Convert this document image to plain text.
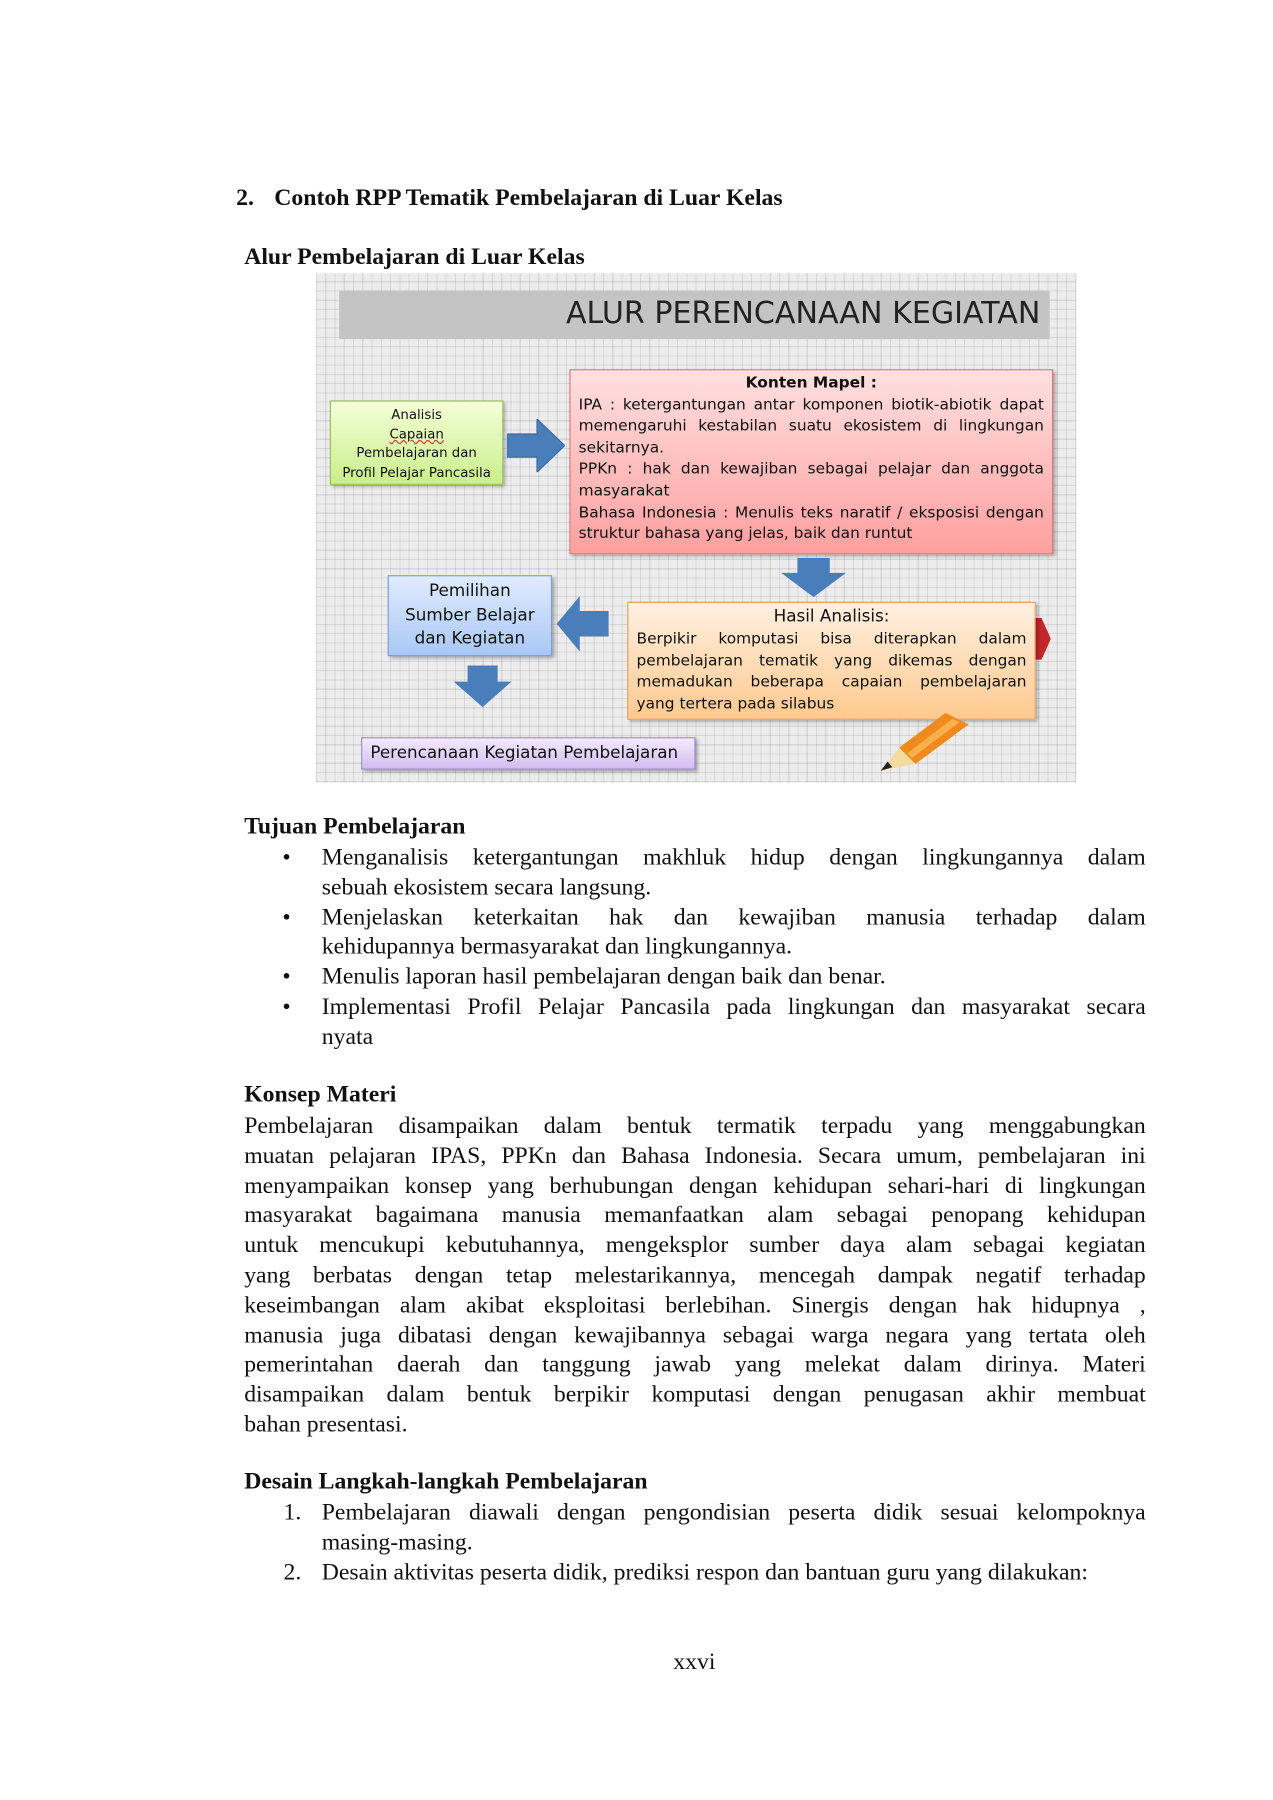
2. Contoh RPP Tematik Pembelajaran di Luar Kelas
Alur Pembelajaran di Luar Kelas
ALUR PERENCANAAN KEGIATAN
Analisis
Capaian
Pembelajaran dan
Profil Pelajar Pancasila
Konten Mapel :
IPA : ketergantungan antar komponen biotik-abiotik dapat memengaruhi kestabilan suatu ekosistem di lingkungan sekitarnya.
PPKn : hak dan kewajiban sebagai pelajar dan anggota masyarakat
Bahasa Indonesia : Menulis teks naratif / eksposisi dengan struktur bahasa yang jelas, baik dan runtut
Pemilihan
Sumber Belajar
dan Kegiatan
Hasil Analisis:
Berpikir komputasi bisa diterapkan dalam pembelajaran tematik yang dikemas dengan memadukan beberapa capaian pembelajaran yang tertera pada silabus
Perencanaan Kegiatan Pembelajaran
Tujuan Pembelajaran
• Menganalisis ketergantungan makhluk hidup dengan lingkungannya dalam
sebuah ekosistem secara langsung.
• Menjelaskan keterkaitan hak dan kewajiban manusia terhadap dalam
kehidupannya bermasyarakat dan lingkungannya.
• Menulis laporan hasil pembelajaran dengan baik dan benar.
• Implementasi Profil Pelajar Pancasila pada lingkungan dan masyarakat secara
nyata
Konsep Materi
Pembelajaran disampaikan dalam bentuk termatik terpadu yang menggabungkan
muatan pelajaran IPAS, PPKn dan Bahasa Indonesia. Secara umum, pembelajaran ini
menyampaikan konsep yang berhubungan dengan kehidupan sehari-hari di lingkungan
masyarakat bagaimana manusia memanfaatkan alam sebagai penopang kehidupan
untuk mencukupi kebutuhannya, mengeksplor sumber daya alam sebagai kegiatan
yang berbatas dengan tetap melestarikannya, mencegah dampak negatif terhadap
keseimbangan alam akibat eksploitasi berlebihan. Sinergis dengan hak hidupnya ,
manusia juga dibatasi dengan kewajibannya sebagai warga negara yang tertata oleh
pemerintahan daerah dan tanggung jawab yang melekat dalam dirinya. Materi
disampaikan dalam bentuk berpikir komputasi dengan penugasan akhir membuat
bahan presentasi.
Desain Langkah-langkah Pembelajaran
1. Pembelajaran diawali dengan pengondisian peserta didik sesuai kelompoknya
masing-masing.
2. Desain aktivitas peserta didik, prediksi respon dan bantuan guru yang dilakukan:
xxvi
